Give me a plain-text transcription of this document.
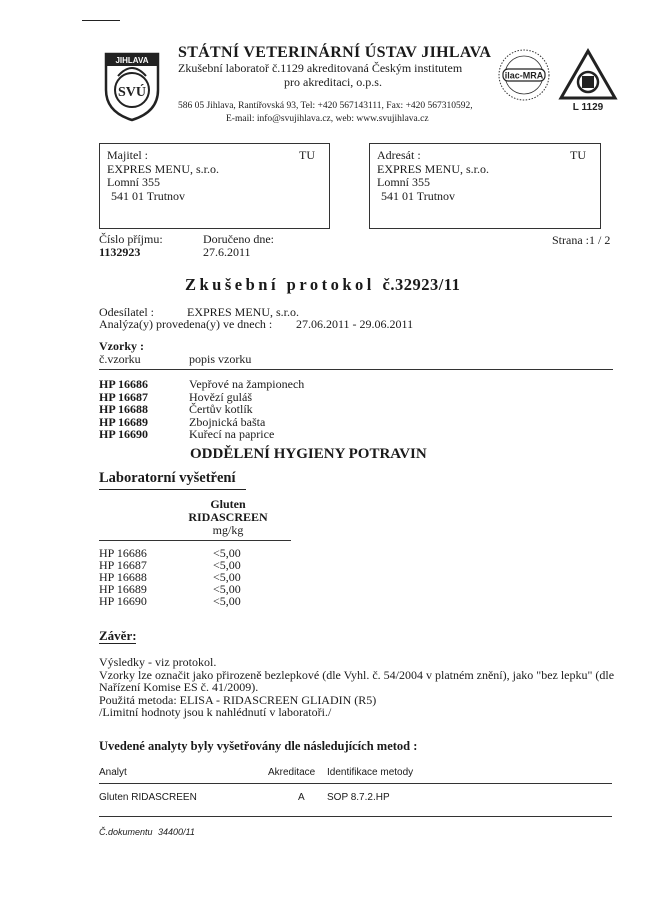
JIHLAVA
SVÚ
STÁTNÍ VETERINÁRNÍ ÚSTAV JIHLAVA
Zkušební laboratoř č.1129 akreditovaná Českým institutem
pro akreditaci, o.p.s.
586 05 Jihlava, Rantířovská 93, Tel: +420 567143111, Fax: +420 567310592,
E-mail: info@svujihlava.cz, web: www.svujihlava.cz
ilac-MRA
L 1129
Majitel :
EXPRES MENU, s.r.o.
Lomní 355
541 01 Trutnov
TU	Adresát :
EXPRES MENU, s.r.o.
Lomní 355
541 01 Trutnov
TU
Číslo příjmu:
1132923
Doručeno dne:
27.6.2011
Strana :1 / 2
Zkušební protokol č.32923/11
Odesílatel :	EXPRES MENU, s.r.o.
Analýza(y) provedena(y) ve dnech : 27.06.2011 - 29.06.2011
Vzorky :
č.vzorku	popis vzorku
HP 16686	Vepřové na žampionech
HP 16687	Hovězí guláš
HP 16688	Čertův kotlík
HP 16689	Zbojnická bašta
HP 16690	Kuřecí na paprice
ODDĚLENÍ HYGIENY POTRAVIN
Laboratorní vyšetření
Gluten
RIDASCREEN
mg/kg
HP 16686	<5,00
HP 16687	<5,00
HP 16688	<5,00
HP 16689	<5,00
HP 16690	<5,00
Závěr:
Výsledky - viz protokol.
Vzorky lze označit jako přirozeně bezlepkové (dle Vyhl. č. 54/2004 v platném znění), jako "bez lepku" (dle
Nařízení Komise ES č. 41/2009).
Použitá metoda: ELISA - RIDASCREEN GLIADIN (R5)
/Limitní hodnoty jsou k nahlédnutí v laboratoři./
Uvedené analyty byly vyšetřovány dle následujících metod :
Analyt	Akreditace Identifikace metody
Gluten RIDASCREEN	A SOP 8.7.2.HP
Č.dokumentu 34400/11
